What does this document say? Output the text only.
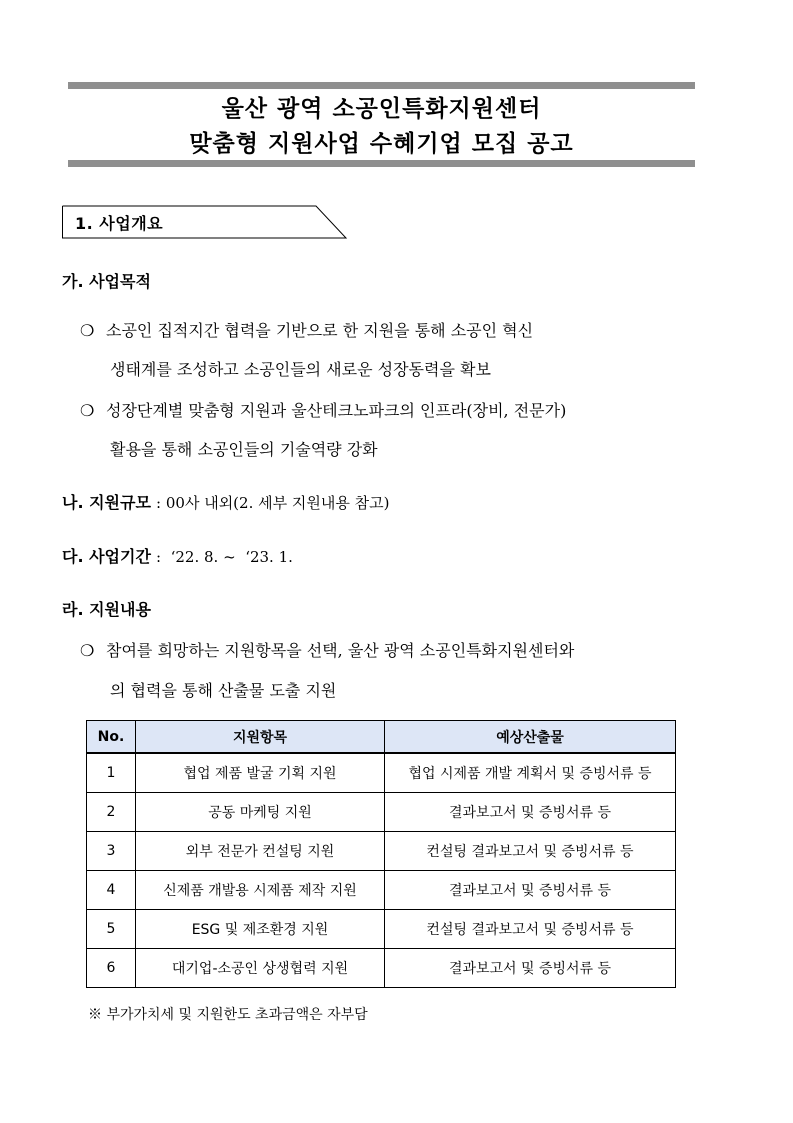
울산 광역 소공인특화지원센터
맞춤형 지원사업 수혜기업 모집 공고
1. 사업개요
가. 사업목적
❍ 소공인 집적지간 협력을 기반으로 한 지원을 통해 소공인 혁신
생태계를 조성하고 소공인들의 새로운 성장동력을 확보
❍ 성장단계별 맞춤형 지원과 울산테크노파크의 인프라(장비, 전문가)
활용을 통해 소공인들의 기술역량 강화
나. 지원규모 : 00사 내외(2. 세부 지원내용 참고)
다. 사업기간 :  ‘22. 8. ~  ‘23. 1.
라. 지원내용
❍ 참여를 희망하는 지원항목을 선택, 울산 광역 소공인특화지원센터와
의 협력을 통해 산출물 도출 지원
No.	지원항목	예상산출물
1	협업 제품 발굴 기획 지원	협업 시제품 개발 계획서 및 증빙서류 등
2	공동 마케팅 지원	결과보고서 및 증빙서류 등
3	외부 전문가 컨설팅 지원	컨설팅 결과보고서 및 증빙서류 등
4	신제품 개발용 시제품 제작 지원	결과보고서 및 증빙서류 등
5	ESG 및 제조환경 지원	컨설팅 결과보고서 및 증빙서류 등
6	대기업-소공인 상생협력 지원	결과보고서 및 증빙서류 등
※ 부가가치세 및 지원한도 초과금액은 자부담
